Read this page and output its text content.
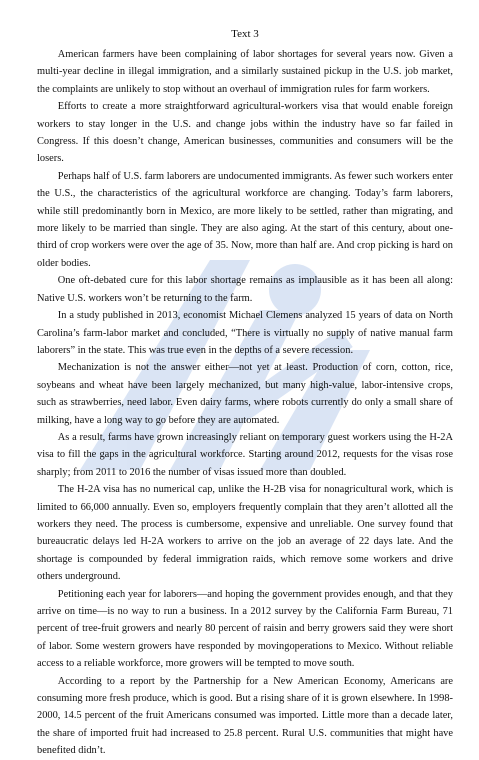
Text 3

American farmers have been complaining of labor shortages for several years now. Given a multi-year decline in illegal immigration, and a similarly sustained pickup in the U.S. job market, the complaints are unlikely to stop without an overhaul of immigration rules for farm workers.

Efforts to create a more straightforward agricultural-workers visa that would enable foreign workers to stay longer in the U.S. and change jobs within the industry have so far failed in Congress. If this doesn’t change, American businesses, communities and consumers will be the losers.

Perhaps half of U.S. farm laborers are undocumented immigrants. As fewer such workers enter the U.S., the characteristics of the agricultural workforce are changing. Today’s farm laborers, while still predominantly born in Mexico, are more likely to be settled, rather than migrating, and more likely to be married than single. They are also aging. At the start of this century, about one-third of crop workers were over the age of 35. Now, more than half are. And crop picking is hard on older bodies.

One oft-debated cure for this labor shortage remains as implausible as it has been all along: Native U.S. workers won’t be returning to the farm.

In a study published in 2013, economist Michael Clemens analyzed 15 years of data on North Carolina’s farm-labor market and concluded, “There is virtually no supply of native manual farm laborers” in the state. This was true even in the depths of a severe recession.

Mechanization is not the answer either—not yet at least. Production of corn, cotton, rice, soybeans and wheat have been largely mechanized, but many high-value, labor-intensive crops, such as strawberries, need labor. Even dairy farms, where robots currently do only a small share of milking, have a long way to go before they are automated.

As a result, farms have grown increasingly reliant on temporary guest workers using the H-2A visa to fill the gaps in the agricultural workforce. Starting around 2012, requests for the visas rose sharply; from 2011 to 2016 the number of visas issued more than doubled.

The H-2A visa has no numerical cap, unlike the H-2B visa for nonagricultural work, which is limited to 66,000 annually. Even so, employers frequently complain that they aren’t allotted all the workers they need. The process is cumbersome, expensive and unreliable. One survey found that bureaucratic delays led H-2A workers to arrive on the job an average of 22 days late. And the shortage is compounded by federal immigration raids, which remove some workers and drive others underground.

Petitioning each year for laborers—and hoping the government provides enough, and that they arrive on time—is no way to run a business. In a 2012 survey by the California Farm Bureau, 71 percent of tree-fruit growers and nearly 80 percent of raisin and berry growers said they were short of labor. Some western growers have responded by movingoperations to Mexico. Without reliable access to a reliable workforce, more growers will be tempted to move south.

According to a report by the Partnership for a New American Economy, Americans are consuming more fresh produce, which is good. But a rising share of it is grown elsewhere. In 1998-2000, 14.5 percent of the fruit Americans consumed was imported. Little more than a decade later, the share of imported fruit had increased to 25.8 percent. Rural U.S. communities that might have benefited didn’t.
